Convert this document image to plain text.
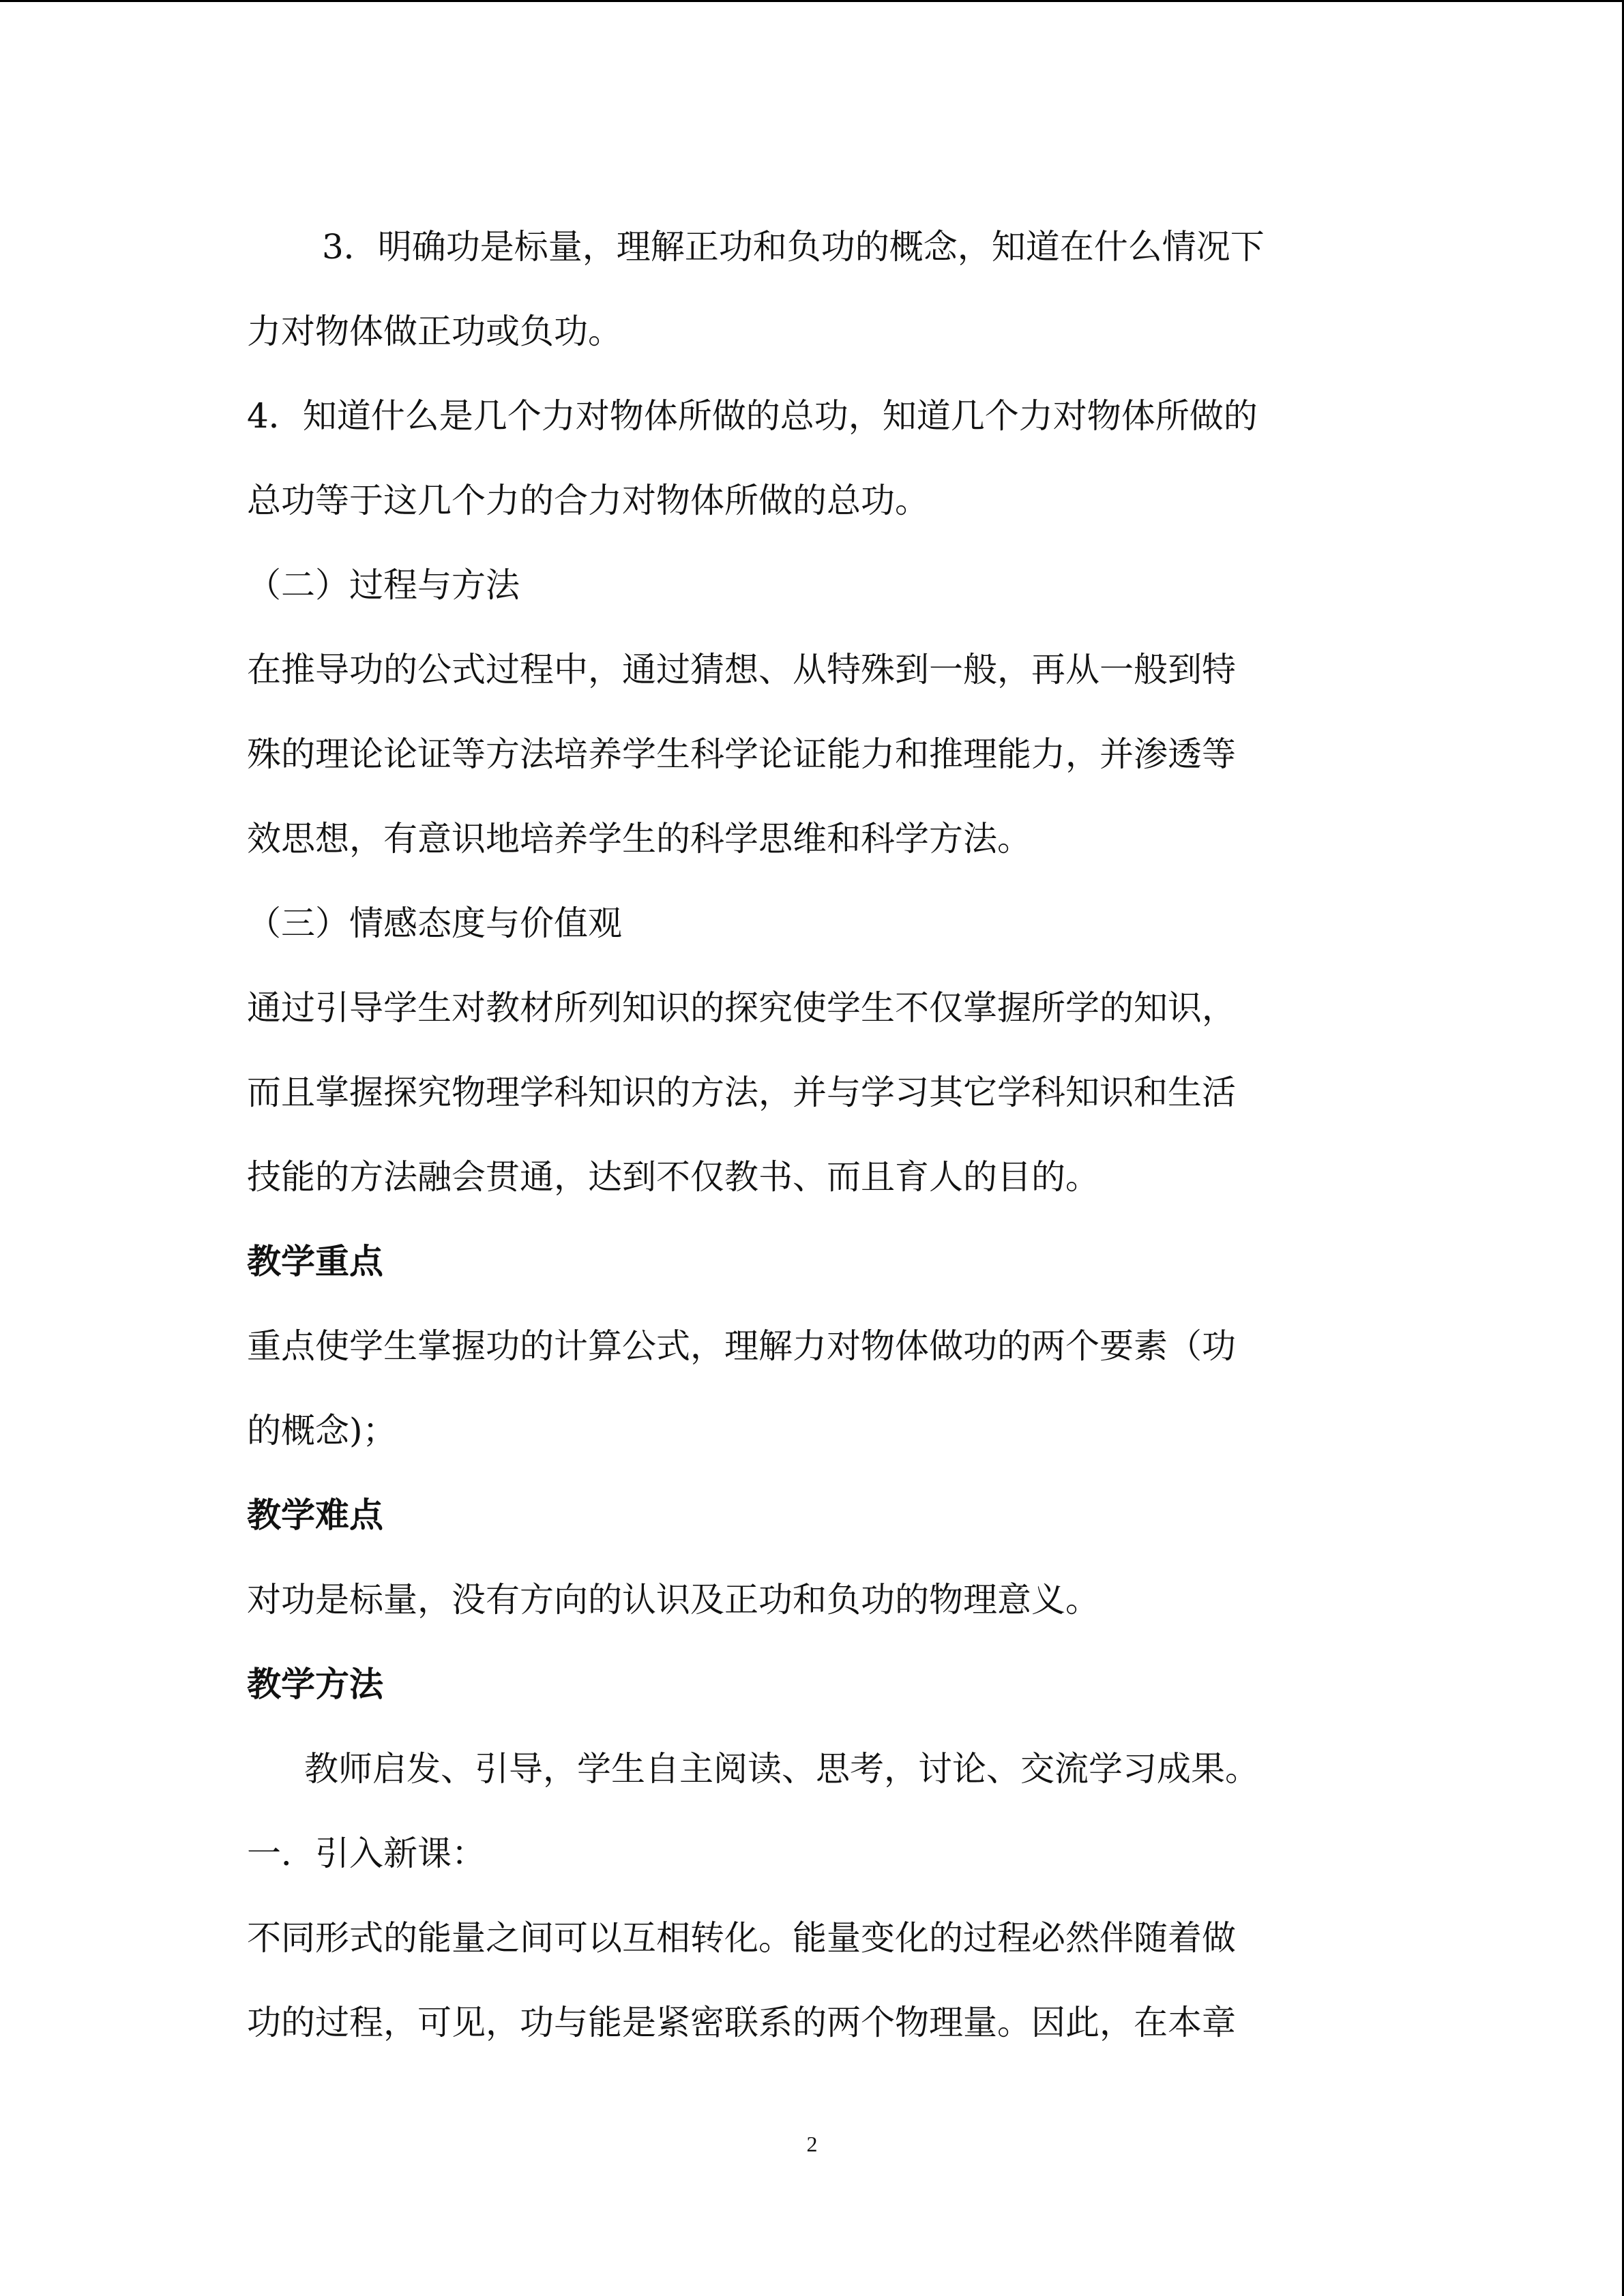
3．明确功是标量，理解正功和负功的概念，知道在什么情况下

力对物体做正功或负功。

4．知道什么是几个力对物体所做的总功，知道几个力对物体所做的

总功等于这几个力的合力对物体所做的总功。

（二）过程与方法

在推导功的公式过程中，通过猜想、从特殊到一般，再从一般到特

殊的理论论证等方法培养学生科学论证能力和推理能力，并渗透等

效思想，有意识地培养学生的科学思维和科学方法。

（三）情感态度与价值观

通过引导学生对教材所列知识的探究使学生不仅掌握所学的知识，

而且掌握探究物理学科知识的方法，并与学习其它学科知识和生活

技能的方法融会贯通，达到不仅教书、而且育人的目的。

教学重点

重点使学生掌握功的计算公式，理解力对物体做功的两个要素（功

的概念)；

教学难点

对功是标量，没有方向的认识及正功和负功的物理意义。

教学方法

教师启发、引导，学生自主阅读、思考，讨论、交流学习成果。

一．引入新课：

不同形式的能量之间可以互相转化。能量变化的过程必然伴随着做

功的过程，可见，功与能是紧密联系的两个物理量。因此，在本章

2
